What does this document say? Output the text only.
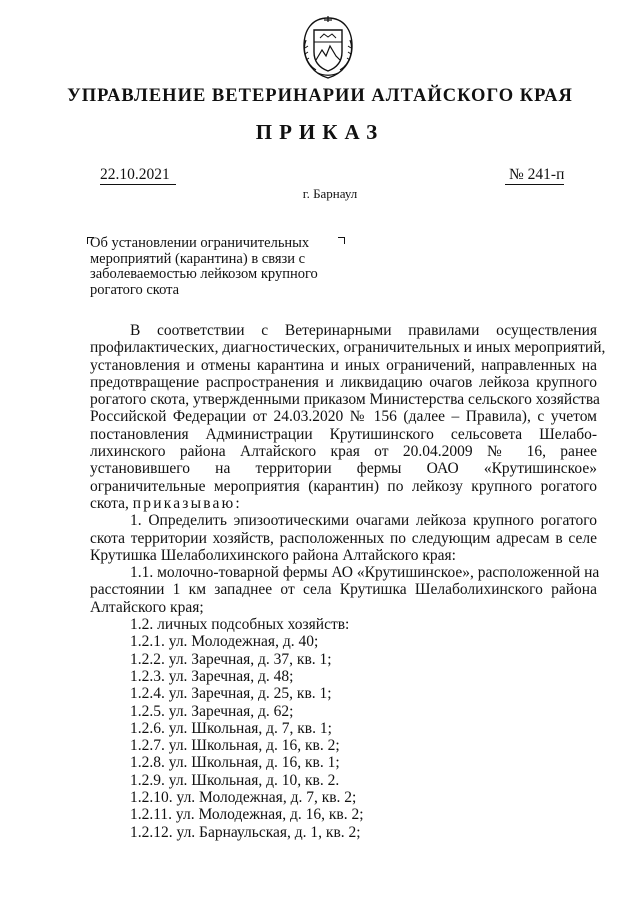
УПРАВЛЕНИЕ ВЕТЕРИНАРИИ АЛТАЙСКОГО КРАЯ
ПРИКАЗ
22.10.2021	№ 241-п
г. Барнаул
Об установлении ограничительных
мероприятий (карантина) в связи с
заболеваемостью лейкозом крупного
рогатого скота
В соответствии с Ветеринарными правилами осуществления
профилактических, диагностических, ограничительных и иных мероприятий,
установления и отмены карантина и иных ограничений, направленных на
предотвращение распространения и ликвидацию очагов лейкоза крупного
рогатого скота, утвержденными приказом Министерства сельского хозяйства
Российской Федерации от 24.03.2020 № 156 (далее – Правила), с учетом
постановления Администрации Крутишинского сельсовета Шелабо-
лихинского района Алтайского края от 20.04.2009 № 16, ранее
установившего на территории фермы ОАО «Крутишинское»
ограничительные мероприятия (карантин) по лейкозу крупного рогатого
скота, приказываю:
1. Определить эпизоотическими очагами лейкоза крупного рогатого
скота территории хозяйств, расположенных по следующим адресам в селе
Крутишка Шелаболихинского района Алтайского края:
1.1. молочно-товарной фермы АО «Крутишинское», расположенной на
расстоянии 1 км западнее от села Крутишка Шелаболихинского района
Алтайского края;
1.2. личных подсобных хозяйств:
1.2.1. ул. Молодежная, д. 40;
1.2.2. ул. Заречная, д. 37, кв. 1;
1.2.3. ул. Заречная, д. 48;
1.2.4. ул. Заречная, д. 25, кв. 1;
1.2.5. ул. Заречная, д. 62;
1.2.6. ул. Школьная, д. 7, кв. 1;
1.2.7. ул. Школьная, д. 16, кв. 2;
1.2.8. ул. Школьная, д. 16, кв. 1;
1.2.9. ул. Школьная, д. 10, кв. 2.
1.2.10. ул. Молодежная, д. 7, кв. 2;
1.2.11. ул. Молодежная, д. 16, кв. 2;
1.2.12. ул. Барнаульская, д. 1, кв. 2;
